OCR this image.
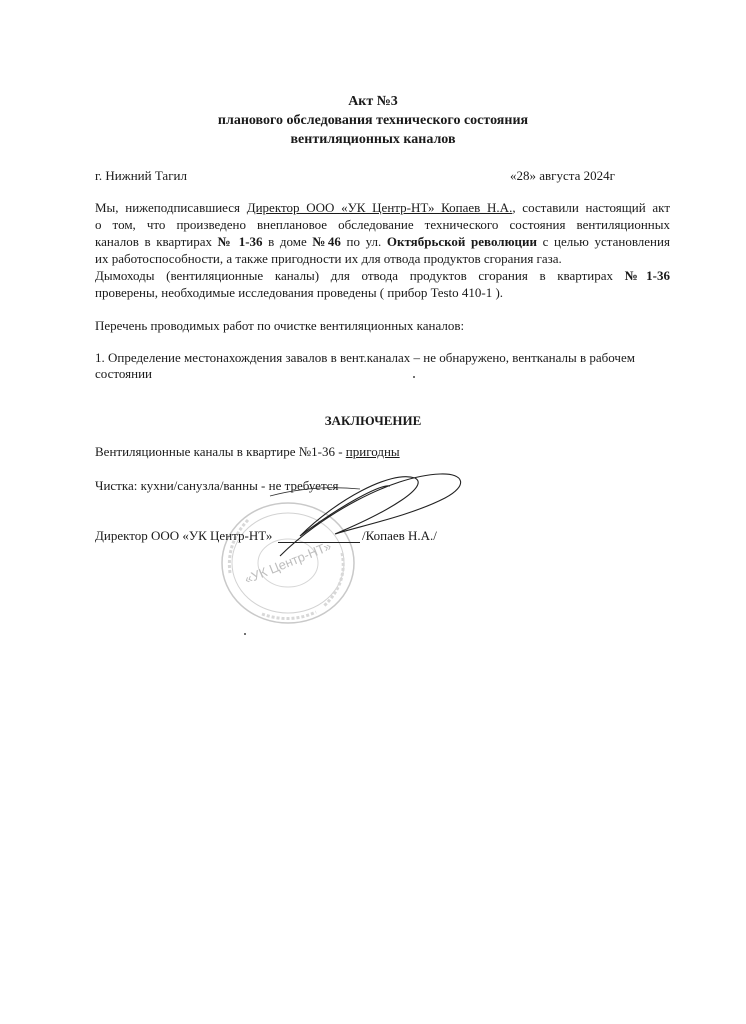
Акт №3
планового обследования технического состояния
вентиляционных каналов
г. Нижний Тагил	«28» августа 2024г
Мы, нижеподписавшиеся Директор ООО «УК Центр-НТ» Копаев Н.А., составили настоящий акт
о том, что произведено внеплановое обследование технического состояния вентиляционных
каналов в квартирах № 1-36 в доме №46 по ул. Октябрьской революции с целью установления
их работоспособности, а также пригодности их для отвода продуктов сгорания газа.
Дымоходы (вентиляционные каналы) для отвода продуктов сгорания в квартирах №1-36
проверены, необходимые исследования проведены ( прибор Testo 410-1 ).
Перечень проводимых работ по очистке вентиляционных каналов:
1. Определение местонахождения завалов в вент.каналах – не обнаружено, вентканалы в рабочем
состоянии
ЗАКЛЮЧЕНИЕ
Вентиляционные каналы в квартире №1-36 - пригодны
Чистка: кухни/санузла/ванны - не требуется
«УК Центр-НТ»
Директор ООО «УК Центр-НТ»	/Копаев Н.А./
